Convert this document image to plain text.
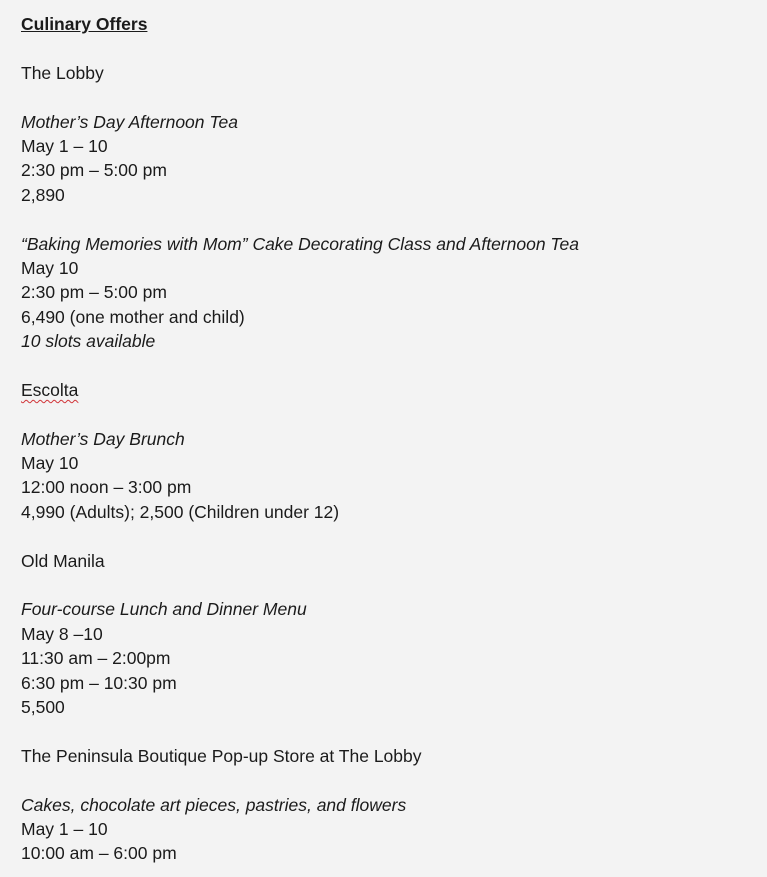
Culinary Offers
The Lobby
Mother’s Day Afternoon Tea
May 1 – 10
2:30 pm – 5:00 pm
2,890
“Baking Memories with Mom” Cake Decorating Class and Afternoon Tea
May 10
2:30 pm – 5:00 pm
6,490 (one mother and child)
10 slots available
Escolta
Mother’s Day Brunch
May 10
12:00 noon – 3:00 pm
4,990 (Adults); 2,500 (Children under 12)
Old Manila
Four-course Lunch and Dinner Menu
May 8 –10
11:30 am – 2:00pm
6:30 pm – 10:30 pm
5,500
The Peninsula Boutique Pop-up Store at The Lobby
Cakes, chocolate art pieces, pastries, and flowers
May 1 – 10
10:00 am – 6:00 pm
